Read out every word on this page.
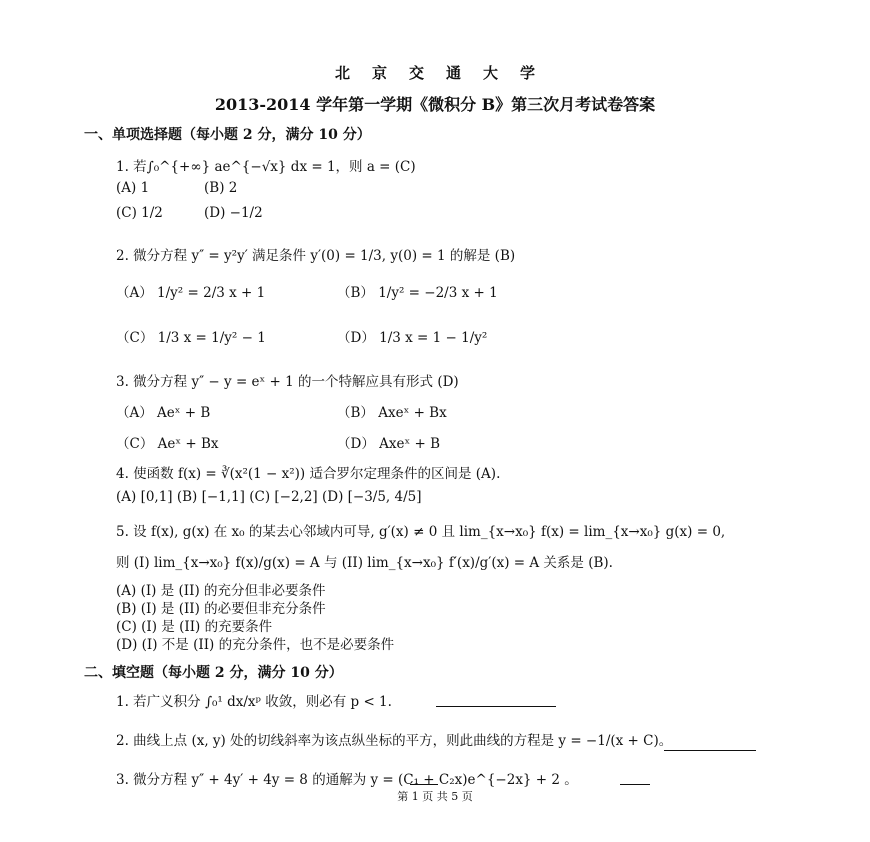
北京交通大学
2013-2014 学年第一学期《微积分 B》第三次月考试卷答案
一、单项选择题（每小题 2 分，满分 10 分）
1. 若∫₀^{+∞} ae^{−√x} dx = 1，则 a = (C)
(A) 1	(B) 2
(C) 1/2	(D) −1/2
2. 微分方程 y″ = y²y′ 满足条件 y′(0) = 1/3, y(0) = 1 的解是 (B)
（A） 1/y² = 2/3 x + 1	（B） 1/y² = −2/3 x + 1
（C） 1/3 x = 1/y² − 1	（D） 1/3 x = 1 − 1/y²
3. 微分方程 y″ − y = eˣ + 1 的一个特解应具有形式 (D)
（A） Aeˣ + B	（B） Axeˣ + Bx
（C） Aeˣ + Bx	（D） Axeˣ + B
4. 使函数 f(x) = ∛(x²(1 − x²)) 适合罗尔定理条件的区间是 (A).
(A) [0,1] (B) [−1,1] (C) [−2,2] (D) [−3/5, 4/5]
5. 设 f(x), g(x) 在 x₀ 的某去心邻域内可导, g′(x) ≠ 0 且 lim_{x→x₀} f(x) = lim_{x→x₀} g(x) = 0,
则 (I) lim_{x→x₀} f(x)/g(x) = A 与 (II) lim_{x→x₀} f′(x)/g′(x) = A 关系是 (B).
(A) (I) 是 (II) 的充分但非必要条件
(B) (I) 是 (II) 的必要但非充分条件
(C) (I) 是 (II) 的充要条件
(D) (I) 不是 (II) 的充分条件，也不是必要条件
二、填空题（每小题 2 分，满分 10 分）
1. 若广义积分 ∫₀¹ dx/xᵖ 收敛，则必有 p < 1.
2. 曲线上点 (x, y) 处的切线斜率为该点纵坐标的平方，则此曲线的方程是 y = −1/(x + C)。
3. 微分方程 y″ + 4y′ + 4y = 8 的通解为 y = (C₁ + C₂x)e^{−2x} + 2 。
第 1 页 共 5 页
